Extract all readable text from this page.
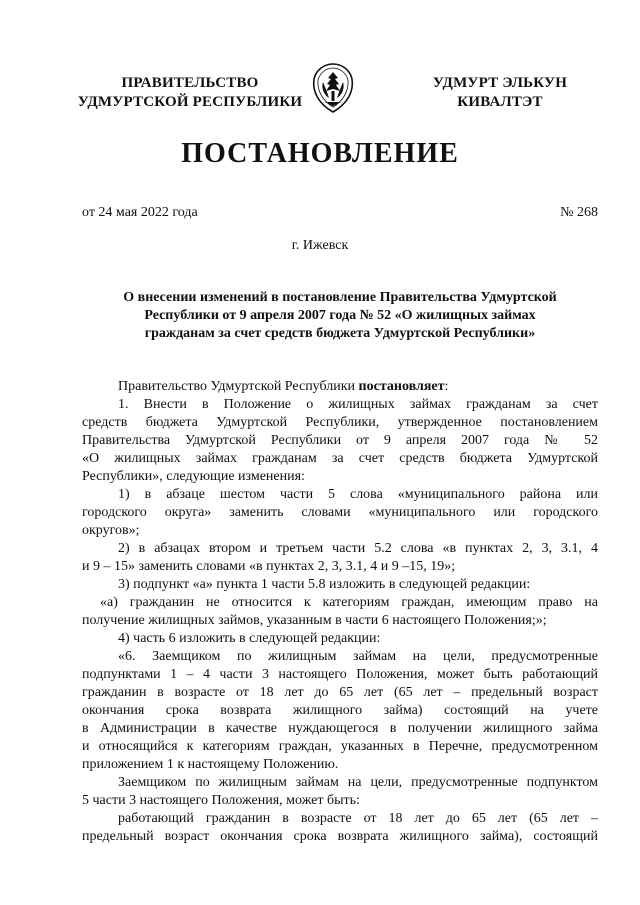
ПРАВИТЕЛЬСТВО
УДМУРТСКОЙ РЕСПУБЛИКИ
УДМУРТ ЭЛЬКУН
КИВАЛТЭТ
ПОСТАНОВЛЕНИЕ
от 24 мая 2022 года	№ 268
г. Ижевск
О внесении изменений в постановление Правительства Удмуртской
Республики от 9 апреля 2007 года № 52 «О жилищных займах
гражданам за счет средств бюджета Удмуртской Республики»
Правительство Удмуртской Республики постановляет:
1. Внести в Положение о жилищных займах гражданам за счет
средств бюджета Удмуртской Республики, утвержденное постановлением
Правительства Удмуртской Республики от 9 апреля 2007 года № 52
«О жилищных займах гражданам за счет средств бюджета Удмуртской
Республики», следующие изменения:
1) в абзаце шестом части 5 слова «муниципального района или
городского округа» заменить словами «муниципального или городского
округов»;
2) в абзацах втором и третьем части 5.2 слова «в пунктах 2, 3, 3.1, 4
и 9 – 15» заменить словами «в пунктах 2, 3, 3.1, 4 и 9 –15, 19»;
3) подпункт «а» пункта 1 части 5.8 изложить в следующей редакции:
«а) гражданин не относится к категориям граждан, имеющим право на
получение жилищных займов, указанным в части 6 настоящего Положения;»;
4) часть 6 изложить в следующей редакции:
«6. Заемщиком по жилищным займам на цели, предусмотренные
подпунктами 1 – 4 части 3 настоящего Положения, может быть работающий
гражданин в возрасте от 18 лет до 65 лет (65 лет – предельный возраст
окончания срока возврата жилищного займа) состоящий на учете
в Администрации в качестве нуждающегося в получении жилищного займа
и относящийся к категориям граждан, указанных в Перечне, предусмотренном
приложением 1 к настоящему Положению.
Заемщиком по жилищным займам на цели, предусмотренные подпунктом
5 части 3 настоящего Положения, может быть:
работающий гражданин в возрасте от 18 лет до 65 лет (65 лет –
предельный возраст окончания срока возврата жилищного займа), состоящий
